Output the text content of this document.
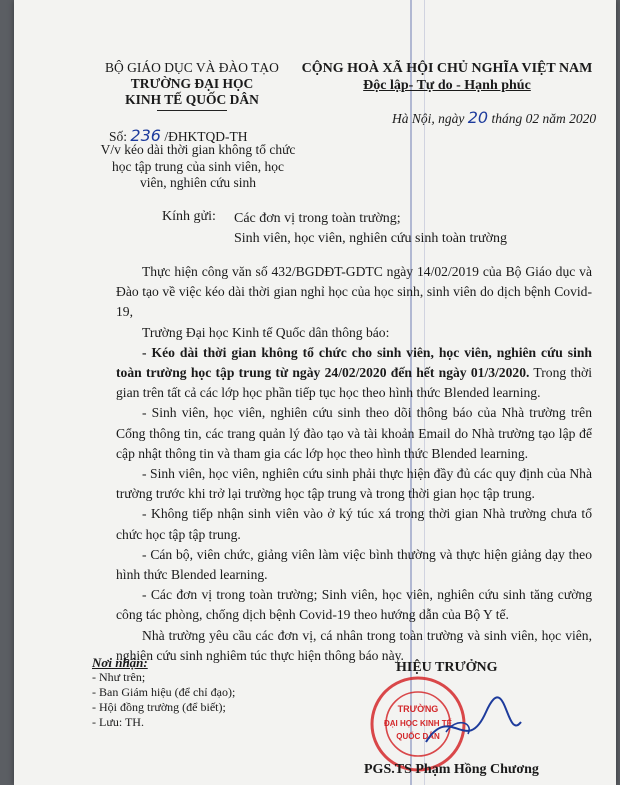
BỘ GIÁO DỤC VÀ ĐÀO TẠO
TRƯỜNG ĐẠI HỌC
KINH TẾ QUỐC DÂN
CỘNG HOÀ XÃ HỘI CHỦ NGHĨA VIỆT NAM
Độc lập- Tự do - Hạnh phúc
Hà Nội, ngày 20 tháng 02 năm 2020
Số: 236 /ĐHKTQD-TH
V/v kéo dài thời gian không tổ chức
học tập trung của sinh viên, học
viên, nghiên cứu sinh
Kính gửi: Các đơn vị trong toàn trường;
Sinh viên, học viên, nghiên cứu sinh toàn trường

Thực hiện công văn số 432/BGDĐT-GDTC ngày 14/02/2019 của Bộ Giáo dục và Đào tạo về việc kéo dài thời gian nghỉ học của học sinh, sinh viên do dịch bệnh Covid-19,

Trường Đại học Kinh tế Quốc dân thông báo:

- Kéo dài thời gian không tổ chức cho sinh viên, học viên, nghiên cứu sinh toàn trường học tập trung từ ngày 24/02/2020 đến hết ngày 01/3/2020. Trong thời gian trên tất cả các lớp học phần tiếp tục học theo hình thức Blended learning.

- Sinh viên, học viên, nghiên cứu sinh theo dõi thông báo của Nhà trường trên Cổng thông tin, các trang quản lý đào tạo và tài khoản Email do Nhà trường tạo lập để cập nhật thông tin và tham gia các lớp học theo hình thức Blended learning.

- Sinh viên, học viên, nghiên cứu sinh phải thực hiện đầy đủ các quy định của Nhà trường trước khi trở lại trường học tập trung và trong thời gian học tập trung.

- Không tiếp nhận sinh viên vào ở ký túc xá trong thời gian Nhà trường chưa tổ chức học tập tập trung.

- Cán bộ, viên chức, giảng viên làm việc bình thường và thực hiện giảng dạy theo hình thức Blended learning.

- Các đơn vị trong toàn trường; Sinh viên, học viên, nghiên cứu sinh tăng cường công tác phòng, chống dịch bệnh Covid-19 theo hướng dẫn của Bộ Y tế.

Nhà trường yêu cầu các đơn vị, cá nhân trong toàn trường và sinh viên, học viên, nghiên cứu sinh nghiêm túc thực hiện thông báo này.

Nơi nhận:
- Như trên;
- Ban Giám hiệu (để chỉ đạo);
- Hội đồng trường (để biết);
- Lưu: TH.
HIỆU TRƯỞNG
TRƯỜNG
ĐẠI HỌC KINH TẾ
QUỐC DÂN
PGS.TS Phạm Hồng Chương
